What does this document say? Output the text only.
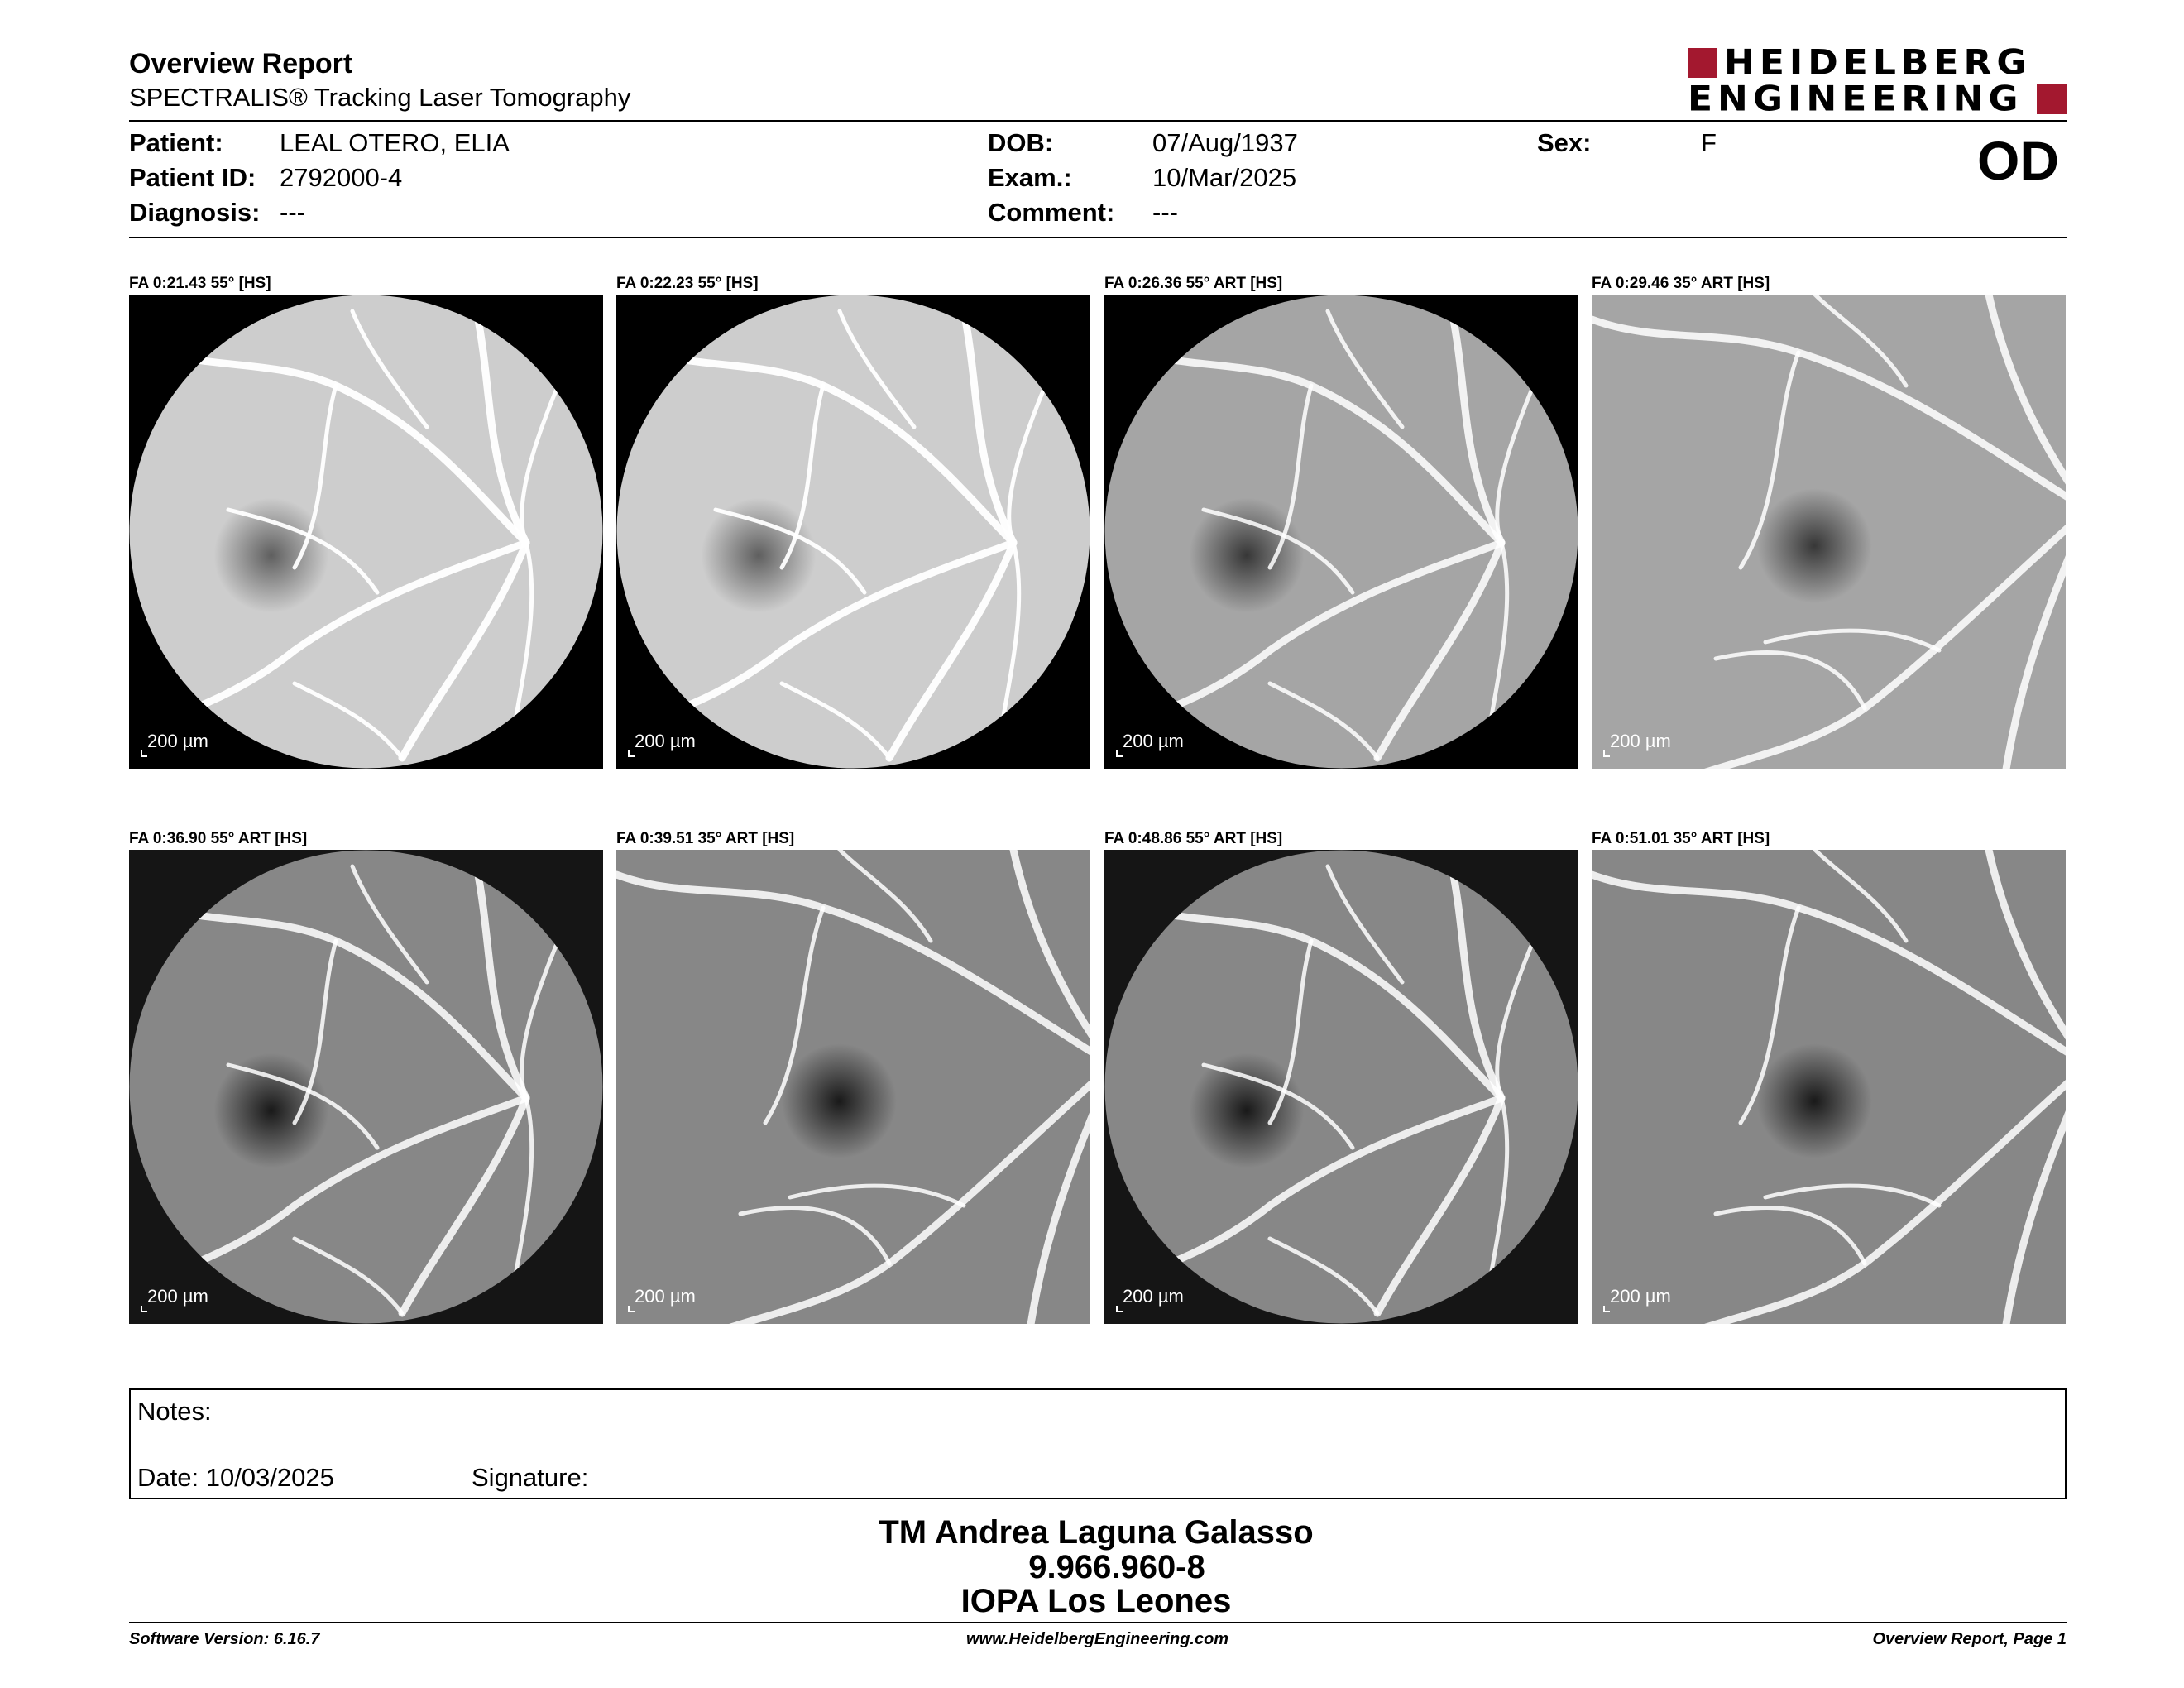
Overview Report
SPECTRALIS® Tracking Laser Tomography
HEIDELBERG
ENGINEERING
Patient: LEAL OTERO, ELIA
Patient ID: 2792000-4
Diagnosis: ---
DOB:	07/Aug/1937
Exam.:	10/Mar/2025
Comment: ---
Sex:	F	OD
FA 0:21.43 55° [HS]
200 µm
FA 0:22.23 55° [HS]
200 µm
FA 0:26.36 55° ART [HS]
200 µm
FA 0:29.46 35° ART [HS]
200 µm
FA 0:36.90 55° ART [HS]
200 µm
FA 0:39.51 35° ART [HS]
200 µm
FA 0:48.86 55° ART [HS]
200 µm
FA 0:51.01 35° ART [HS]
200 µm
Notes:
Date: 10/03/2025	Signature:
TM Andrea Laguna Galasso
9.966.960-8
IOPA Los Leones
Software Version: 6.16.7	www.HeidelbergEngineering.com	Overview Report, Page 1
